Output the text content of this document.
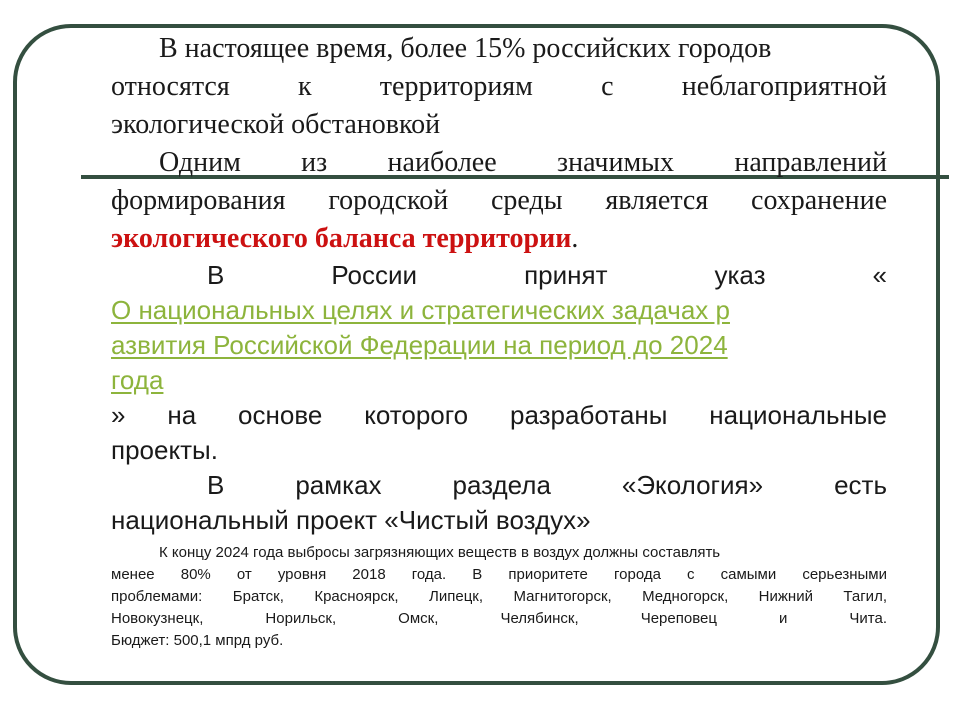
В настоящее время, более 15% российских городов
относятся к территориям с неблагоприятной
экологической обстановкой
Одним из наиболее значимых направлений
формирования городской среды является сохранение
экологического баланса территории.
В России принят указ «
О национальных целях и стратегических задачах р
азвития Российской Федерации на период до 2024
года
» на основе которого разработаны национальные
проекты.
В рамках раздела «Экология» есть
национальный проект «Чистый воздух»
К концу 2024 года выбросы загрязняющих веществ в воздух должны составлять
менее 80% от уровня 2018 года. В приоритете города с самыми серьезными
проблемами: Братск, Красноярск, Липецк, Магнитогорск, Медногорск, Нижний Тагил,
Новокузнецк, Норильск, Омск, Челябинск, Череповец и Чита.
Бюджет: 500,1 мпрд руб.
